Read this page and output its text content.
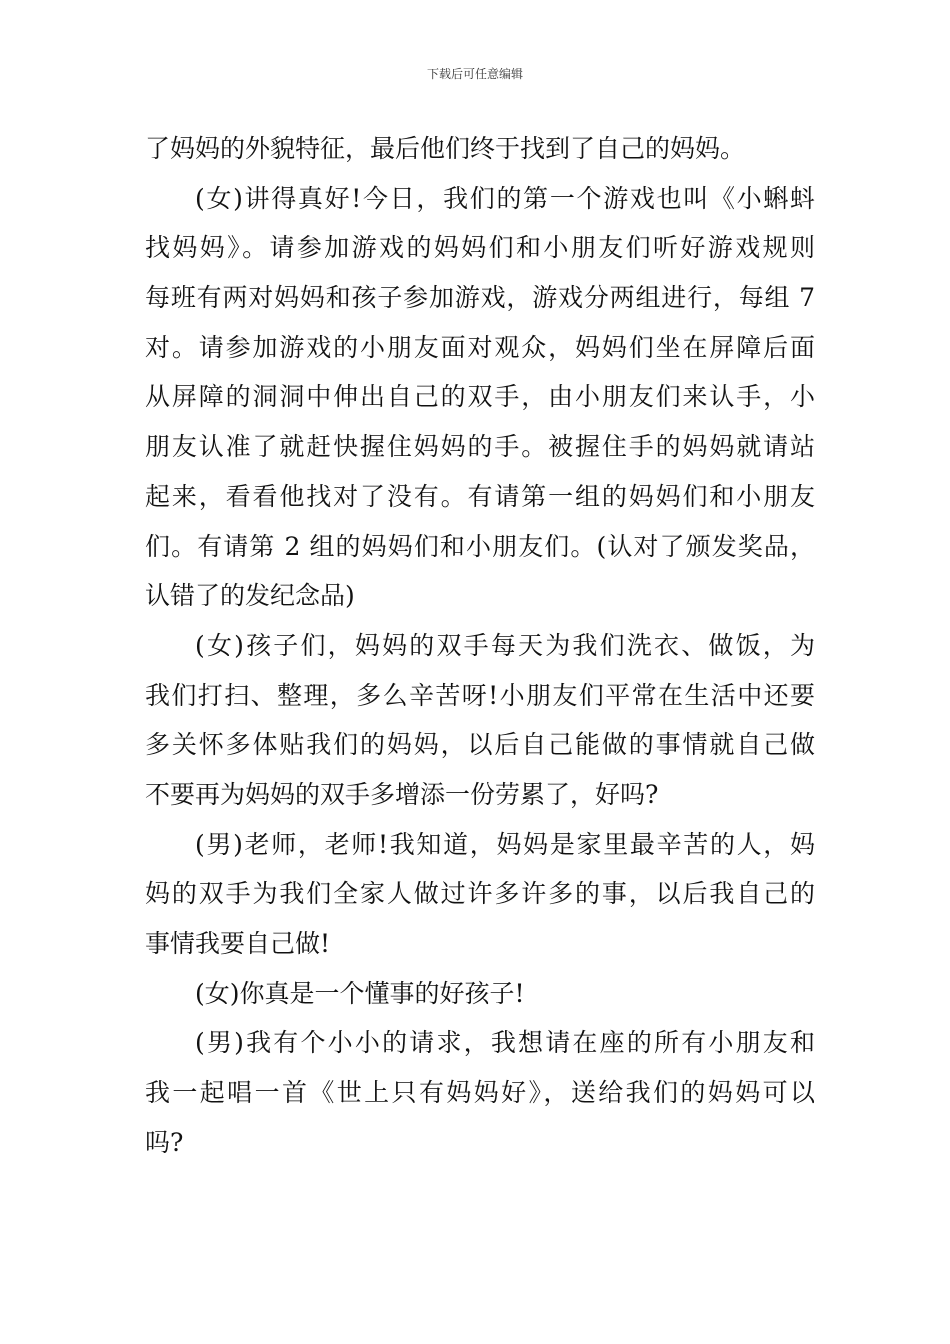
下载后可任意编辑
了妈妈的外貌特征，最后他们终于找到了自己的妈妈。
(女)讲得真好!今日，我们的第一个游戏也叫《小蝌蚪
找妈妈》。请参加游戏的妈妈们和小朋友们听好游戏规则
每班有两对妈妈和孩子参加游戏，游戏分两组进行，每组 7
对。请参加游戏的小朋友面对观众，妈妈们坐在屏障后面
从屏障的洞洞中伸出自己的双手，由小朋友们来认手，小
朋友认准了就赶快握住妈妈的手。被握住手的妈妈就请站
起来，看看他找对了没有。有请第一组的妈妈们和小朋友
们。有请第 2 组的妈妈们和小朋友们。(认对了颁发奖品，
认错了的发纪念品)
(女)孩子们，妈妈的双手每天为我们洗衣、做饭，为
我们打扫、整理，多么辛苦呀!小朋友们平常在生活中还要
多关怀多体贴我们的妈妈，以后自己能做的事情就自己做
不要再为妈妈的双手多增添一份劳累了，好吗?
(男)老师，老师!我知道，妈妈是家里最辛苦的人，妈
妈的双手为我们全家人做过许多许多的事，以后我自己的
事情我要自己做!
(女)你真是一个懂事的好孩子!
(男)我有个小小的请求，我想请在座的所有小朋友和
我一起唱一首《世上只有妈妈好》，送给我们的妈妈可以
吗?
